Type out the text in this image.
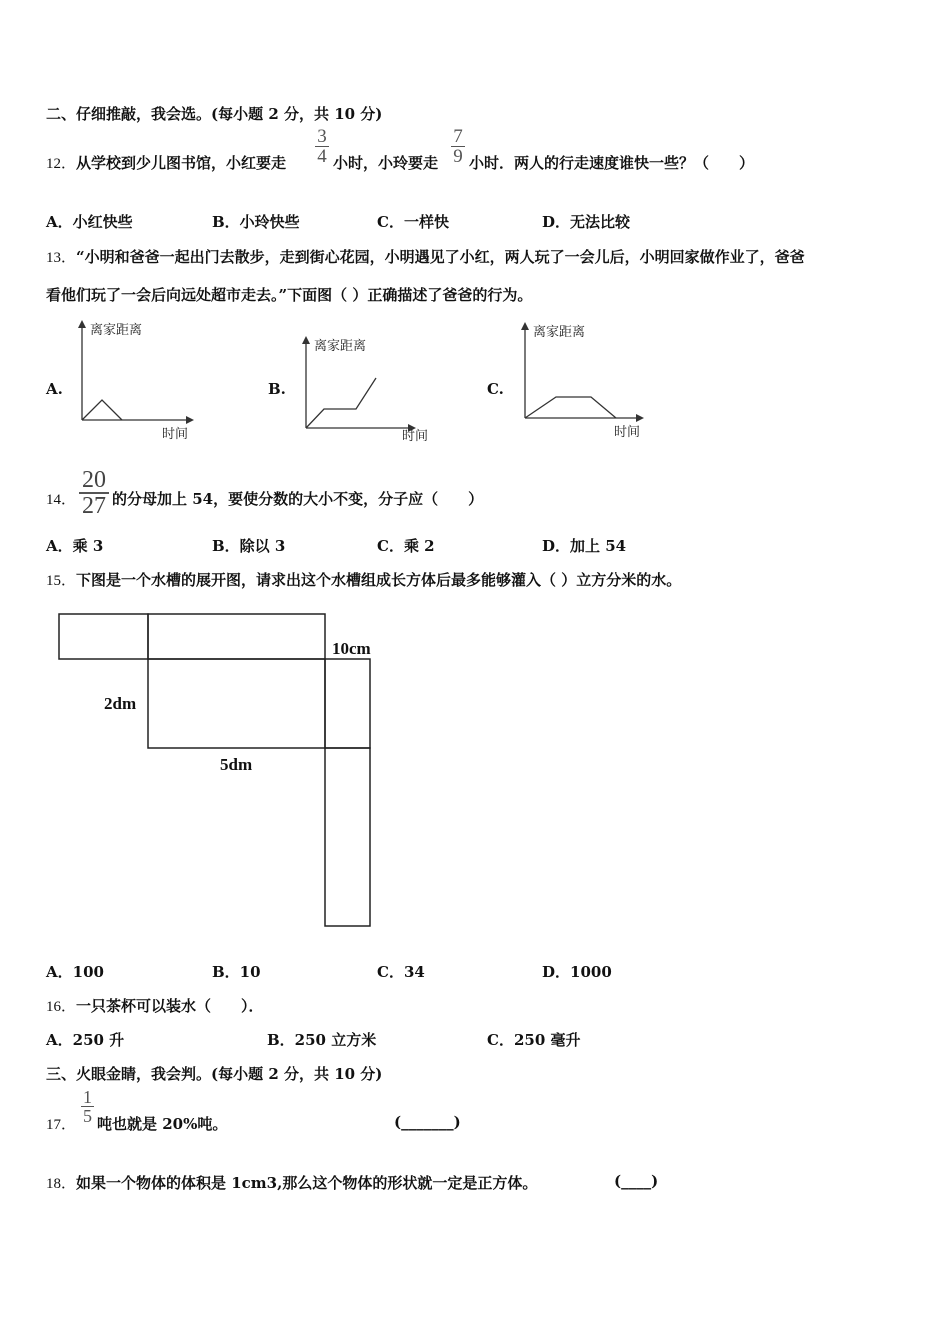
二、仔细推敲，我会选。(每小题 2 分，共 10 分)
12．从学校到少儿图书馆，小红要走
3
4 小时，小玲要走
7
9 小时．两人的行走速度谁快一些？（　　）
A．小红快些	B．小玲快些	C．一样快	D．无法比较
13．“小明和爸爸一起出门去散步，走到街心花园，小明遇见了小红，两人玩了一会儿后，小明回家做作业了，爸爸
看他们玩了一会后向远处超市走去。”下面图（ ）正确描述了爸爸的行为。
A.
离家距离
时间
B.
离家距离
时间
C.
离家距离
时间
14．
20
27 的分母加上 54，要使分数的大小不变，分子应（　　）
A．乘 3	B．除以 3	C．乘 2	D．加上 54
15．下图是一个水槽的展开图，请求出这个水槽组成长方体后最多能够灌入（ ）立方分米的水。
10cm
2dm
5dm
A．100	B．10	C．34	D．1000
16．一只茶杯可以装水（　　）．
A．250 升	B．250 立方米	C．250 毫升
三、火眼金睛，我会判。(每小题 2 分，共 10 分)
17．
1
5 吨也就是 20%吨。	(_______)
18．如果一个物体的体积是 1cm3,那么这个物体的形状就一定是正方体。	(____)
